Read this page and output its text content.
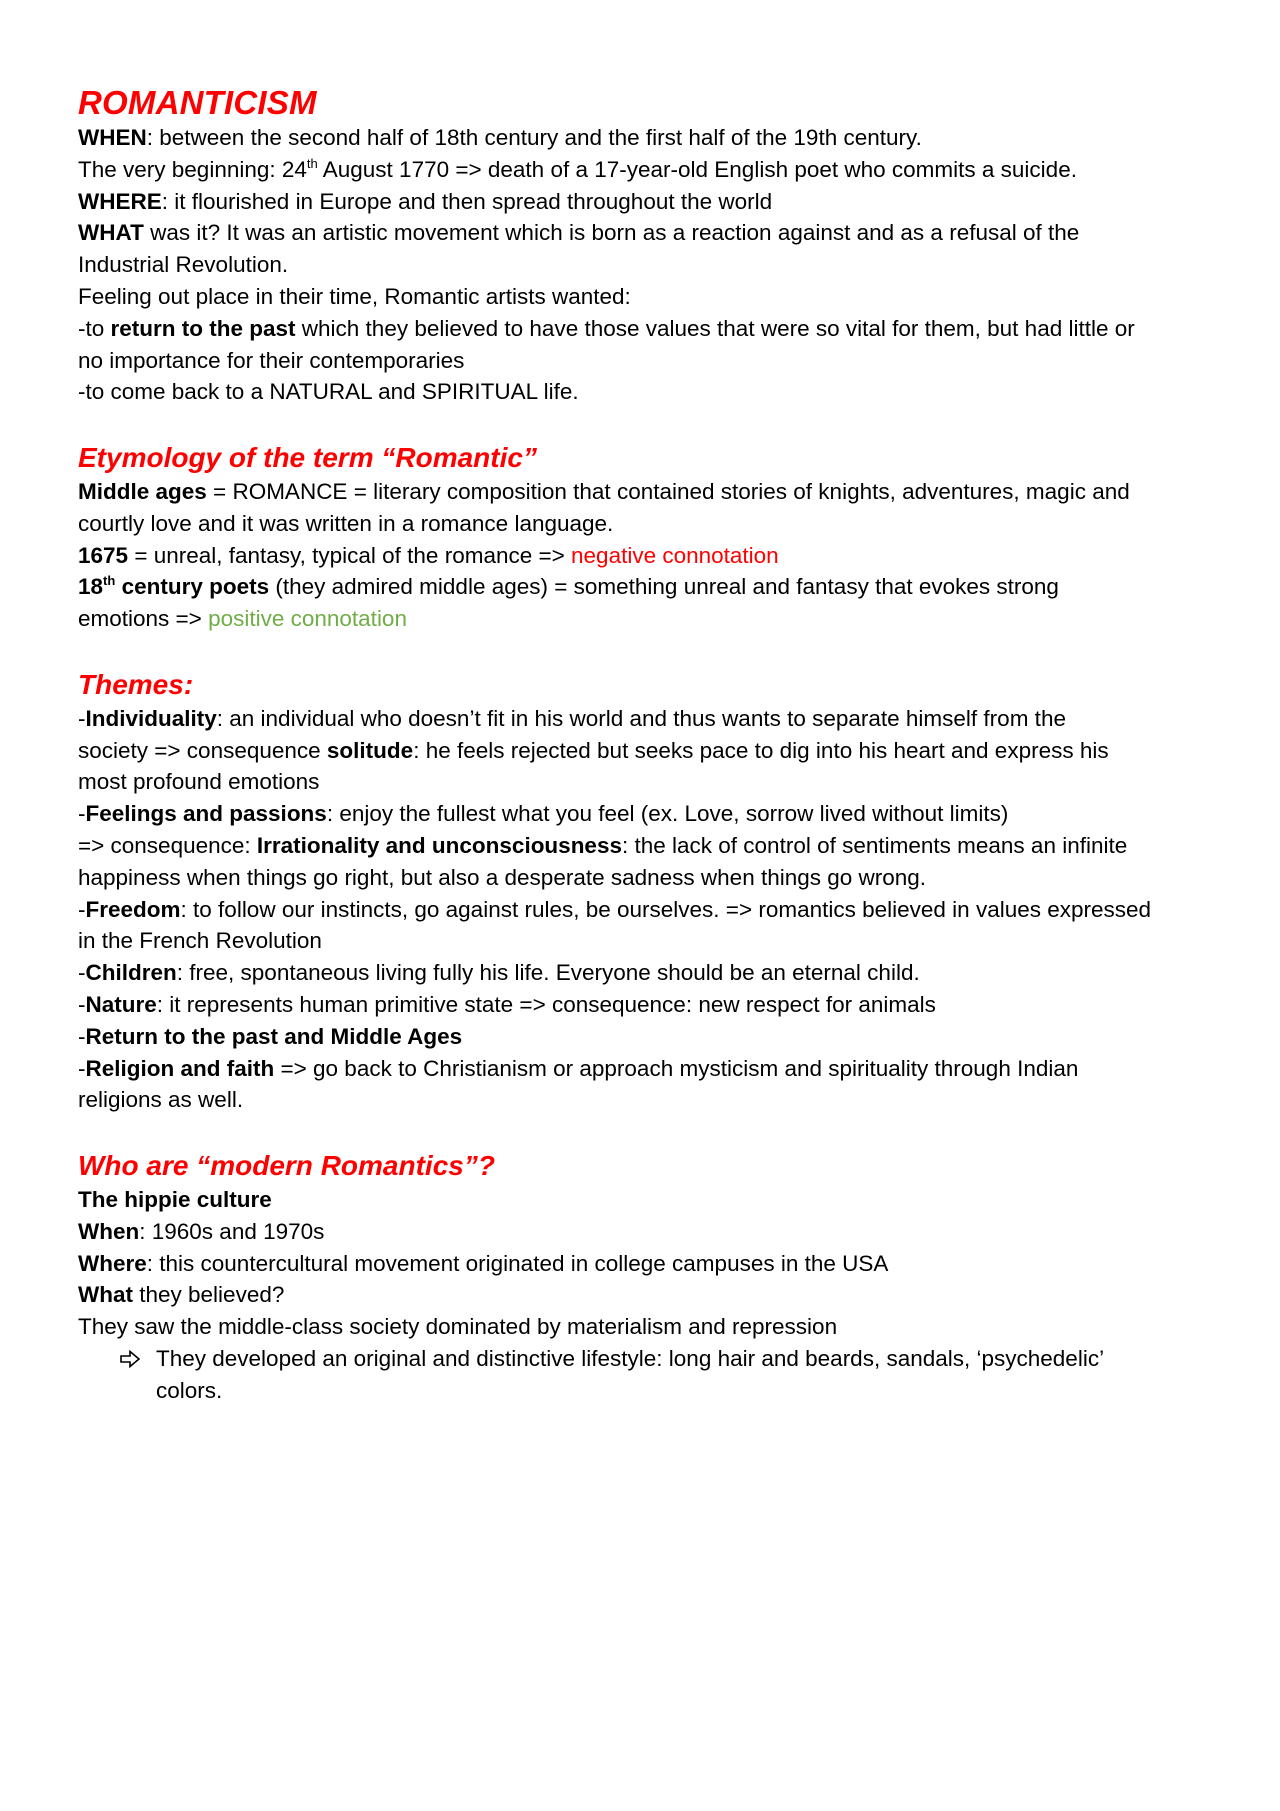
ROMANTICISM

WHEN: between the second half of 18th century and the first half of the 19th century.

The very beginning: 24th August 1770 => death of a 17-year-old English poet who commits a suicide.

WHERE: it flourished in Europe and then spread throughout the world

WHAT was it? It was an artistic movement which is born as a reaction against and as a refusal of the

Industrial Revolution.

Feeling out place in their time, Romantic artists wanted:

-to return to the past which they believed to have those values that were so vital for them, but had little or

no importance for their contemporaries

-to come back to a NATURAL and SPIRITUAL life.

Etymology of the term “Romantic”

Middle ages = ROMANCE = literary composition that contained stories of knights, adventures, magic and

courtly love and it was written in a romance language.

1675 = unreal, fantasy, typical of the romance => negative connotation

18th century poets (they admired middle ages) = something unreal and fantasy that evokes strong

emotions => positive connotation

Themes:

-Individuality: an individual who doesn’t fit in his world and thus wants to separate himself from the

society => consequence solitude: he feels rejected but seeks pace to dig into his heart and express his

most profound emotions

-Feelings and passions: enjoy the fullest what you feel (ex. Love, sorrow lived without limits)

=> consequence: Irrationality and unconsciousness: the lack of control of sentiments means an infinite

happiness when things go right, but also a desperate sadness when things go wrong.

-Freedom: to follow our instincts, go against rules, be ourselves. => romantics believed in values expressed

in the French Revolution

-Children: free, spontaneous living fully his life. Everyone should be an eternal child.

-Nature: it represents human primitive state => consequence: new respect for animals

-Return to the past and Middle Ages

-Religion and faith => go back to Christianism or approach mysticism and spirituality through Indian

religions as well.

Who are “modern Romantics”?

The hippie culture

When: 1960s and 1970s

Where: this countercultural movement originated in college campuses in the USA

What they believed?

They saw the middle-class society dominated by materialism and repression

They developed an original and distinctive lifestyle: long hair and beards, sandals, ‘psychedelic’

colors.
